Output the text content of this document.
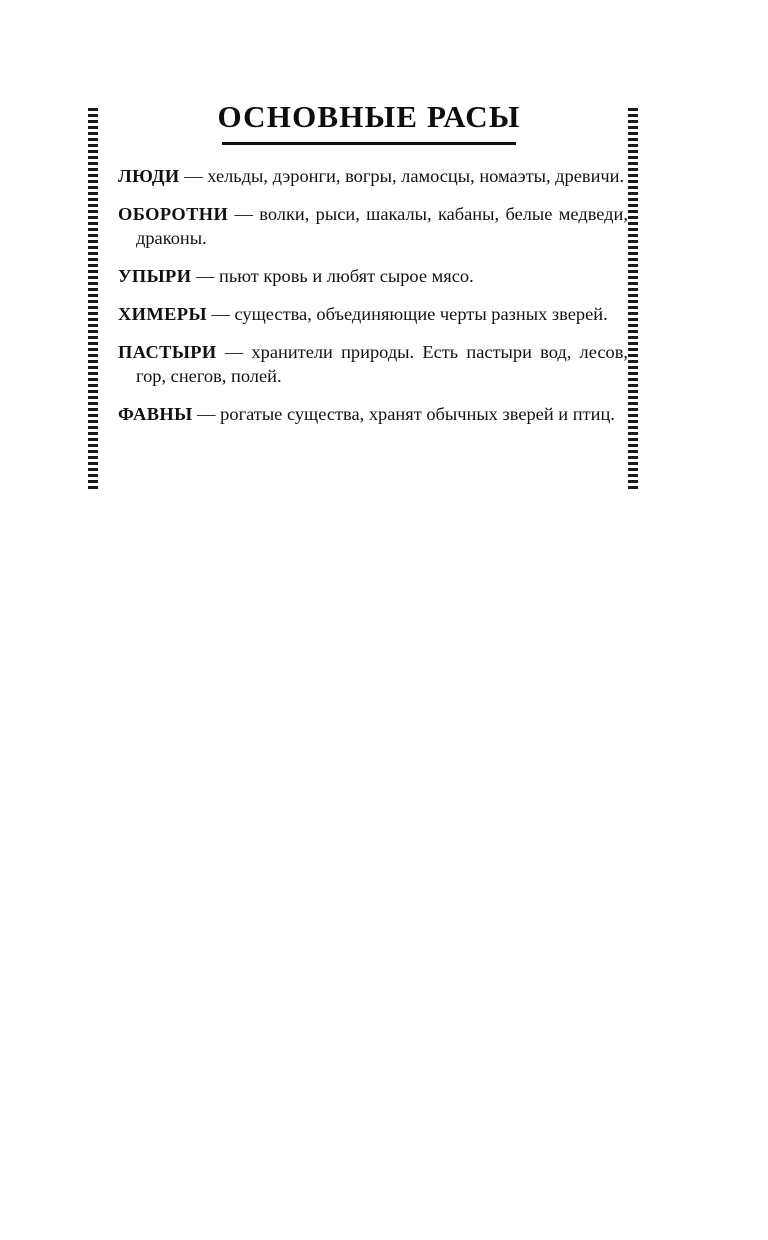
ОСНОВНЫЕ РАСЫ
ЛЮДИ — хельды, дэронги, вогры, ламосцы, номаэты, древичи.
ОБОРОТНИ — волки, рыси, шакалы, кабаны, белые медведи, драконы.
УПЫРИ — пьют кровь и любят сырое мясо.
ХИМЕРЫ — существа, объединяющие черты разных зверей.
ПАСТЫРИ — хранители природы. Есть пастыри вод, лесов, гор, снегов, полей.
ФАВНЫ — рогатые существа, хранят обычных зверей и птиц.
